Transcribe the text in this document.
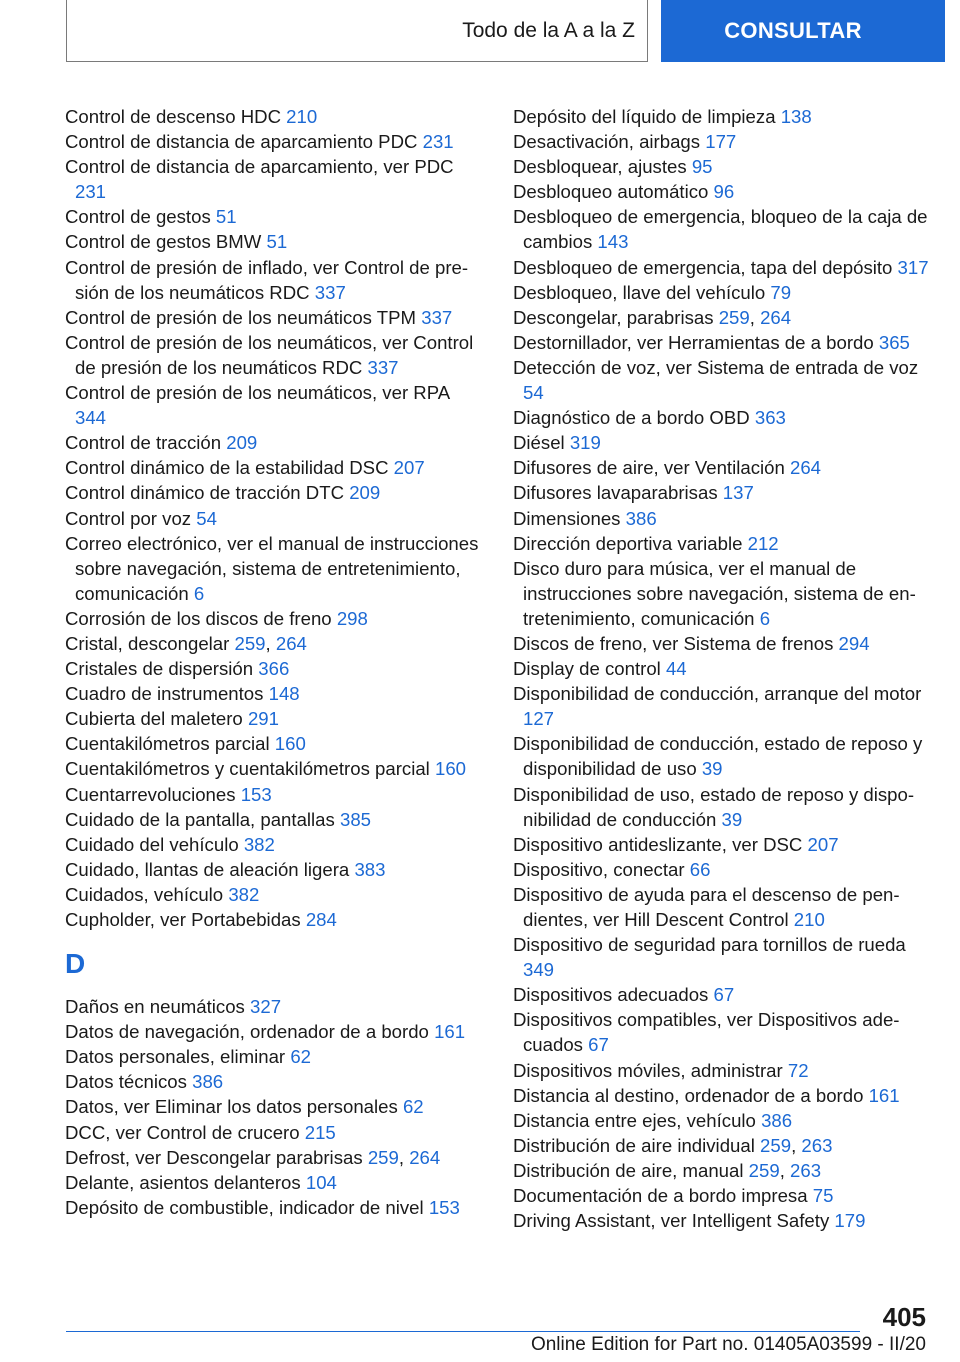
Todo de la A a la Z	CONSULTAR
Control de descenso HDC 210
Control de distancia de aparcamiento PDC 231
Control de distancia de aparcamiento, ver PDC 231
Control de gestos 51
Control de gestos BMW 51
Control de presión de inflado, ver Control de presión de los neumáticos RDC 337
Control de presión de los neumáticos TPM 337
Control de presión de los neumáticos, ver Control de presión de los neumáticos RDC 337
Control de presión de los neumáticos, ver RPA 344
Control de tracción 209
Control dinámico de la estabilidad DSC 207
Control dinámico de tracción DTC 209
Control por voz 54
Correo electrónico, ver el manual de instrucciones sobre navegación, sistema de entretenimiento, comunicación 6
Corrosión de los discos de freno 298
Cristal, descongelar 259, 264
Cristales de dispersión 366
Cuadro de instrumentos 148
Cubierta del maletero 291
Cuentakilómetros parcial 160
Cuentakilómetros y cuentakilómetros parcial 160
Cuentarrevoluciones 153
Cuidado de la pantalla, pantallas 385
Cuidado del vehículo 382
Cuidado, llantas de aleación ligera 383
Cuidados, vehículo 382
Cupholder, ver Portabebidas 284
D
Daños en neumáticos 327
Datos de navegación, ordenador de a bordo 161
Datos personales, eliminar 62
Datos técnicos 386
Datos, ver Eliminar los datos personales 62
DCC, ver Control de crucero 215
Defrost, ver Descongelar parabrisas 259, 264
Delante, asientos delanteros 104
Depósito de combustible, indicador de nivel 153
Depósito del líquido de limpieza 138
Desactivación, airbags 177
Desbloquear, ajustes 95
Desbloqueo automático 96
Desbloqueo de emergencia, bloqueo de la caja de cambios 143
Desbloqueo de emergencia, tapa del depósito 317
Desbloqueo, llave del vehículo 79
Descongelar, parabrisas 259, 264
Destornillador, ver Herramientas de a bordo 365
Detección de voz, ver Sistema de entrada de voz 54
Diagnóstico de a bordo OBD 363
Diésel 319
Difusores de aire, ver Ventilación 264
Difusores lavaparabrisas 137
Dimensiones 386
Dirección deportiva variable 212
Disco duro para música, ver el manual de instrucciones sobre navegación, sistema de entretenimiento, comunicación 6
Discos de freno, ver Sistema de frenos 294
Display de control 44
Disponibilidad de conducción, arranque del motor 127
Disponibilidad de conducción, estado de reposo y disponibilidad de uso 39
Disponibilidad de uso, estado de reposo y disponibilidad de conducción 39
Dispositivo antideslizante, ver DSC 207
Dispositivo, conectar 66
Dispositivo de ayuda para el descenso de pendientes, ver Hill Descent Control 210
Dispositivo de seguridad para tornillos de rueda 349
Dispositivos adecuados 67
Dispositivos compatibles, ver Dispositivos adecuados 67
Dispositivos móviles, administrar 72
Distancia al destino, ordenador de a bordo 161
Distancia entre ejes, vehículo 386
Distribución de aire individual 259, 263
Distribución de aire, manual 259, 263
Documentación de a bordo impresa 75
Driving Assistant, ver Intelligent Safety 179
405
Online Edition for Part no. 01405A03599 - II/20
